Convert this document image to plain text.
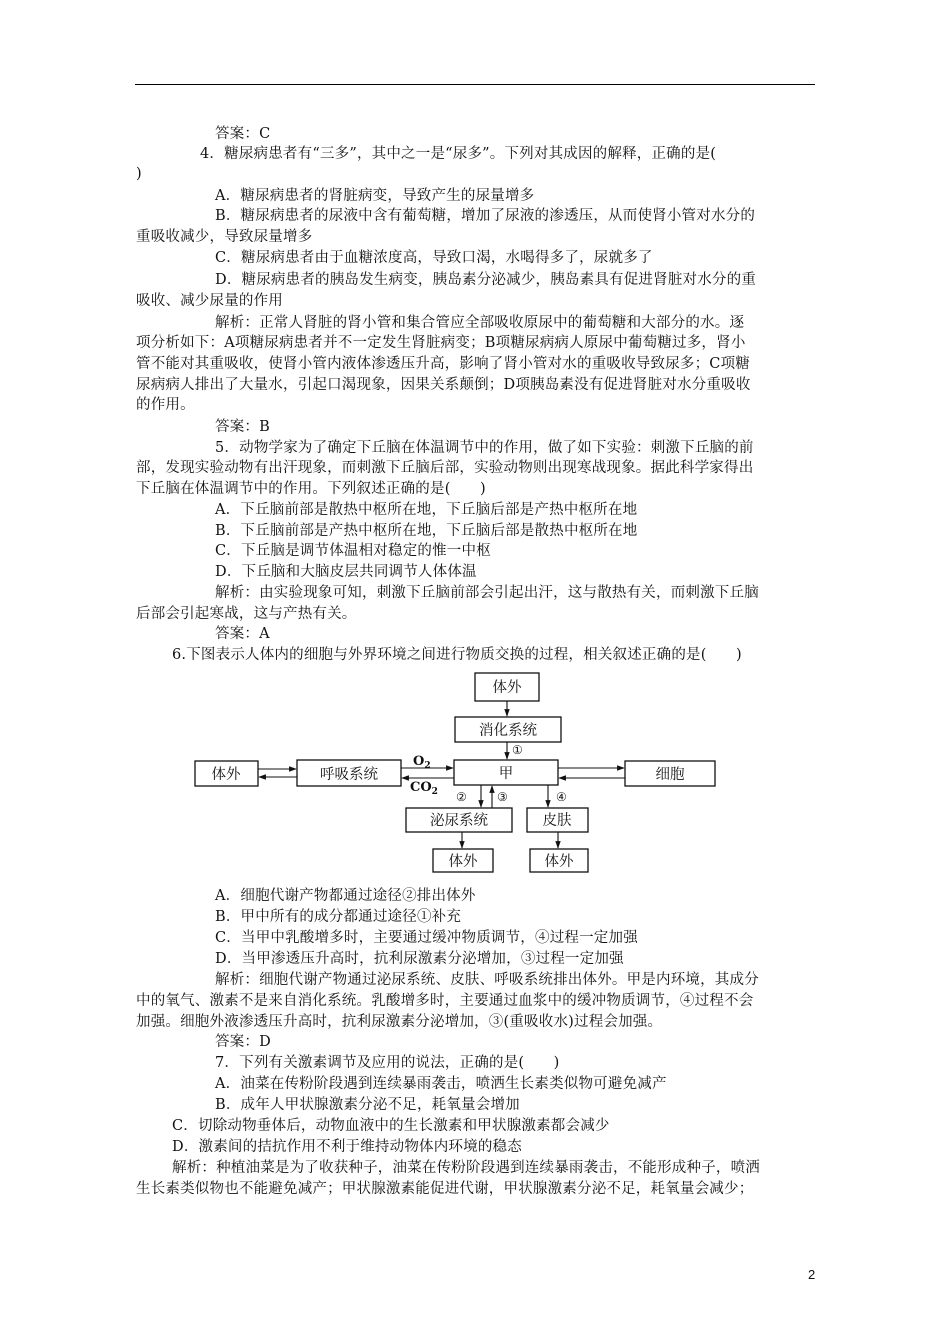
答案：C
4．糖尿病患者有“三多”，其中之一是“尿多”。下列对其成因的解释，正确的是(
)
A．糖尿病患者的肾脏病变，导致产生的尿量增多
B．糖尿病患者的尿液中含有葡萄糖，增加了尿液的渗透压，从而使肾小管对水分的
重吸收减少，导致尿量增多
C．糖尿病患者由于血糖浓度高，导致口渴，水喝得多了，尿就多了
D．糖尿病患者的胰岛发生病变，胰岛素分泌减少，胰岛素具有促进肾脏对水分的重
吸收、减少尿量的作用
解析：正常人肾脏的肾小管和集合管应全部吸收原尿中的葡萄糖和大部分的水。逐
项分析如下：A项糖尿病患者并不一定发生肾脏病变；B项糖尿病病人原尿中葡萄糖过多，肾小
管不能对其重吸收，使肾小管内液体渗透压升高，影响了肾小管对水的重吸收导致尿多；C项糖
尿病病人排出了大量水，引起口渴现象，因果关系颠倒；D项胰岛素没有促进肾脏对水分重吸收
的作用。
答案：B
5．动物学家为了确定下丘脑在体温调节中的作用，做了如下实验：刺激下丘脑的前
部，发现实验动物有出汗现象，而刺激下丘脑后部，实验动物则出现寒战现象。据此科学家得出
下丘脑在体温调节中的作用。下列叙述正确的是(　　)
A．下丘脑前部是散热中枢所在地，下丘脑后部是产热中枢所在地
B．下丘脑前部是产热中枢所在地，下丘脑后部是散热中枢所在地
C．下丘脑是调节体温相对稳定的惟一中枢
D．下丘脑和大脑皮层共同调节人体体温
解析：由实验现象可知，刺激下丘脑前部会引起出汗，这与散热有关，而刺激下丘脑
后部会引起寒战，这与产热有关。
答案：A
6.下图表示人体内的细胞与外界环境之间进行物质交换的过程，相关叙述正确的是(　　)
体外
消化系统
体外	呼吸系统	甲	细胞
泌尿系统	皮肤
体外	体外
$O_2$
$CO_2$
①
②	③	④
A．细胞代谢产物都通过途径②排出体外
B．甲中所有的成分都通过途径①补充
C．当甲中乳酸增多时，主要通过缓冲物质调节，④过程一定加强
D．当甲渗透压升高时，抗利尿激素分泌增加，③过程一定加强
解析：细胞代谢产物通过泌尿系统、皮肤、呼吸系统排出体外。甲是内环境，其成分
中的氧气、激素不是来自消化系统。乳酸增多时，主要通过血浆中的缓冲物质调节，④过程不会
加强。细胞外液渗透压升高时，抗利尿激素分泌增加，③(重吸收水)过程会加强。
答案：D
7．下列有关激素调节及应用的说法，正确的是(　　)
A．油菜在传粉阶段遇到连续暴雨袭击，喷洒生长素类似物可避免减产
B．成年人甲状腺激素分泌不足，耗氧量会增加
C．切除动物垂体后，动物血液中的生长激素和甲状腺激素都会减少
D．激素间的拮抗作用不利于维持动物体内环境的稳态
解析：种植油菜是为了收获种子，油菜在传粉阶段遇到连续暴雨袭击，不能形成种子，喷洒
生长素类似物也不能避免减产；甲状腺激素能促进代谢，甲状腺激素分泌不足，耗氧量会减少；
2
